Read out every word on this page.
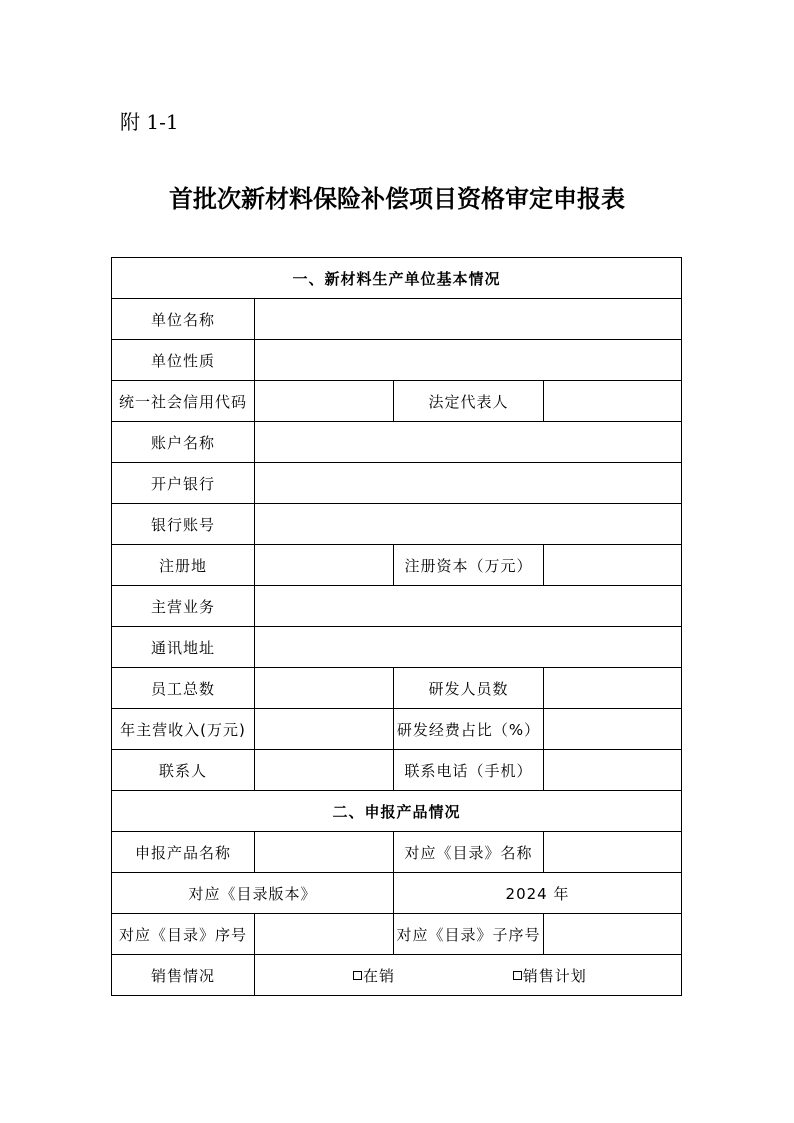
附 1-1
首批次新材料保险补偿项目资格审定申报表
一、新材料生产单位基本情况			
单位名称			
单位性质			
统一社会信用代码		法定代表人	
账户名称			
开户银行			
银行账号			
注册地		注册资本（万元）	
主营业务			
通讯地址			
员工总数		研发人员数	
年主营收入(万元)		研发经费占比（%）	
联系人		联系电话（手机）	
二、申报产品情况			
申报产品名称		对应《目录》名称	
对应《目录版本》		2024 年	
对应《目录》序号		对应《目录》子序号	
销售情况	在销 销售计划		
